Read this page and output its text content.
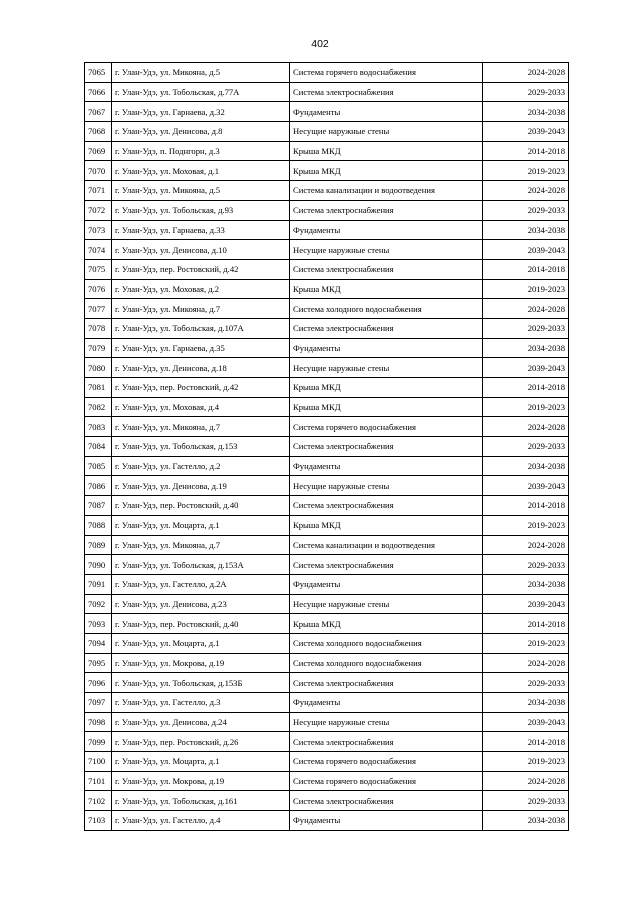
402
7065	г. Улан-Удэ, ул. Микояна, д.5	Система горячего водоснабжения	2024-2028
7066	г. Улан-Удэ, ул. Тобольская, д.77А	Система электроснабжения	2029-2033
7067	г. Улан-Удэ, ул. Гарнаева, д.32	Фундаменты	2034-2038
7068	г. Улан-Удэ, ул. Денисова, д.8	Несущие наружные стены	2039-2043
7069	г. Улан-Удэ, п. Поднгорн, д.3	Крыша МКД	2014-2018
7070	г. Улан-Удэ, ул. Моховая, д.1	Крыша МКД	2019-2023
7071	г. Улан-Удэ, ул. Микояна, д.5	Система канализации и водоотведения	2024-2028
7072	г. Улан-Удэ, ул. Тобольская, д.93	Система электроснабжения	2029-2033
7073	г. Улан-Удэ, ул. Гарнаева, д.33	Фундаменты	2034-2038
7074	г. Улан-Удэ, ул. Денисова, д.10	Несущие наружные стены	2039-2043
7075	г. Улан-Удэ, пер. Ростовский, д.42	Система электроснабжения	2014-2018
7076	г. Улан-Удэ, ул. Моховая, д.2	Крыша МКД	2019-2023
7077	г. Улан-Удэ, ул. Микояна, д.7	Система холодного водоснабжения	2024-2028
7078	г. Улан-Удэ, ул. Тобольская, д.107А	Система электроснабжения	2029-2033
7079	г. Улан-Удэ, ул. Гарнаева, д.35	Фундаменты	2034-2038
7080	г. Улан-Удэ, ул. Денисова, д.18	Несущие наружные стены	2039-2043
7081	г. Улан-Удэ, пер. Ростовский, д.42	Крыша МКД	2014-2018
7082	г. Улан-Удэ, ул. Моховая, д.4	Крыша МКД	2019-2023
7083	г. Улан-Удэ, ул. Микояна, д.7	Система горячего водоснабжения	2024-2028
7084	г. Улан-Удэ, ул. Тобольская, д.153	Система электроснабжения	2029-2033
7085	г. Улан-Удэ, ул. Гастелло, д.2	Фундаменты	2034-2038
7086	г. Улан-Удэ, ул. Денисова, д.19	Несущие наружные стены	2039-2043
7087	г. Улан-Удэ, пер. Ростовский, д.40	Система электроснабжения	2014-2018
7088	г. Улан-Удэ, ул. Моцарта, д.1	Крыша МКД	2019-2023
7089	г. Улан-Удэ, ул. Микояна, д.7	Система канализации и водоотведения	2024-2028
7090	г. Улан-Удэ, ул. Тобольская, д.153А	Система электроснабжения	2029-2033
7091	г. Улан-Удэ, ул. Гастелло, д.2А	Фундаменты	2034-2038
7092	г. Улан-Удэ, ул. Денисова, д.23	Несущие наружные стены	2039-2043
7093	г. Улан-Удэ, пер. Ростовский, д.40	Крыша МКД	2014-2018
7094	г. Улан-Удэ, ул. Моцарта, д.1	Система холодного водоснабжения	2019-2023
7095	г. Улан-Удэ, ул. Мокрова, д.19	Система холодного водоснабжения	2024-2028
7096	г. Улан-Удэ, ул. Тобольская, д.153Б	Система электроснабжения	2029-2033
7097	г. Улан-Удэ, ул. Гастелло, д.3	Фундаменты	2034-2038
7098	г. Улан-Удэ, ул. Денисова, д.24	Несущие наружные стены	2039-2043
7099	г. Улан-Удэ, пер. Ростовский, д.26	Система электроснабжения	2014-2018
7100	г. Улан-Удэ, ул. Моцарта, д.1	Система горячего водоснабжения	2019-2023
7101	г. Улан-Удэ, ул. Мокрова, д.19	Система горячего водоснабжения	2024-2028
7102	г. Улан-Удэ, ул. Тобольская, д.161	Система электроснабжения	2029-2033
7103	г. Улан-Удэ, ул. Гастелло, д.4	Фундаменты	2034-2038
